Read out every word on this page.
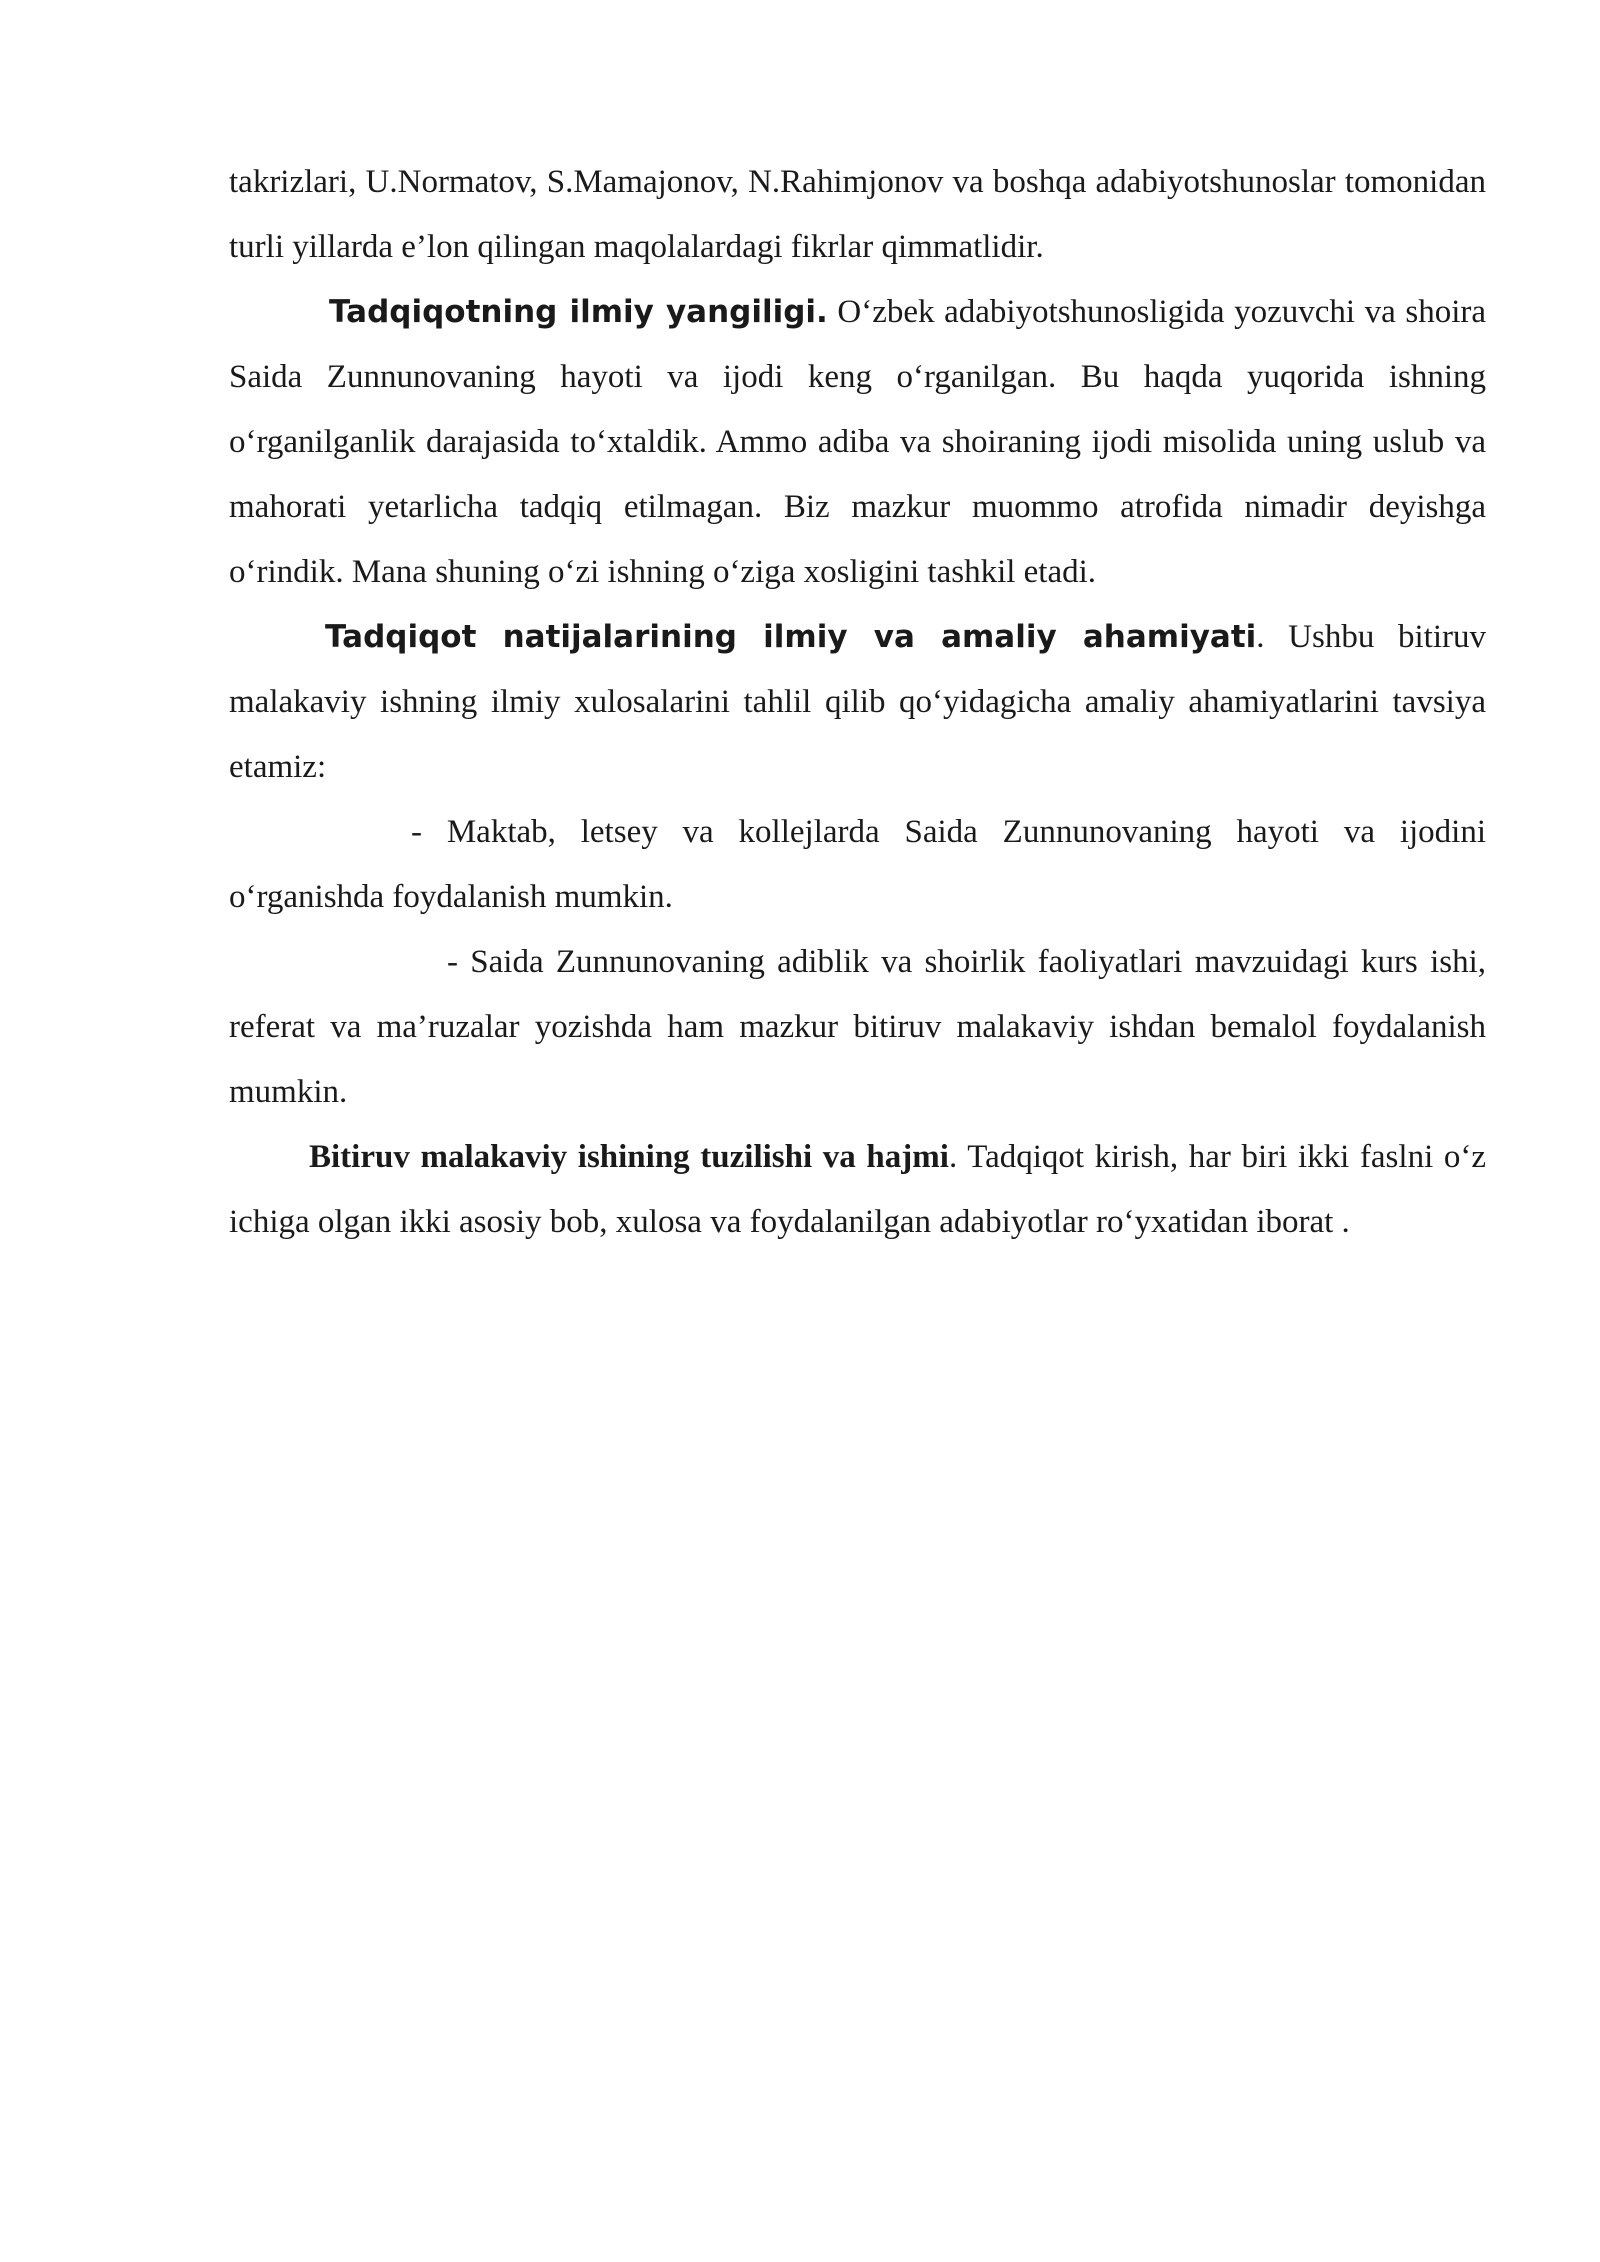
takrizlari, U.Normatov, S.Mamajonov, N.Rahimjonov va boshqa adabiyotshunoslar tomonidan turli yillarda e’lon qilingan maqolalardagi fikrlar qimmatlidir.

Tadqiqotning ilmiy yangiligi. O‘zbek adabiyotshunosligida yozuvchi va shoira Saida Zunnunovaning hayoti va ijodi keng o‘rganilgan. Bu haqda yuqorida ishning o‘rganilganlik darajasida to‘xtaldik. Ammo adiba va shoiraning ijodi misolida uning uslub va mahorati yetarlicha tadqiq etilmagan. Biz mazkur muommo atrofida nimadir deyishga o‘rindik. Mana shuning o‘zi ishning o‘ziga xosligini tashkil etadi.

Tadqiqot natijalarining ilmiy va amaliy ahamiyati. Ushbu bitiruv malakaviy ishning ilmiy xulosalarini tahlil qilib qo‘yidagicha amaliy ahamiyatlarini tavsiya etamiz:

- Maktab, letsey va kollejlarda Saida Zunnunovaning hayoti va ijodini o‘rganishda foydalanish mumkin.

- Saida Zunnunovaning adiblik va shoirlik faoliyatlari mavzuidagi kurs ishi, referat va ma’ruzalar yozishda ham mazkur bitiruv malakaviy ishdan bemalol foydalanish mumkin.

Bitiruv malakaviy ishining tuzilishi va hajmi. Tadqiqot kirish, har biri ikki faslni o‘z ichiga olgan ikki asosiy bob, xulosa va foydalanilgan adabiyotlar ro‘yxatidan iborat .
